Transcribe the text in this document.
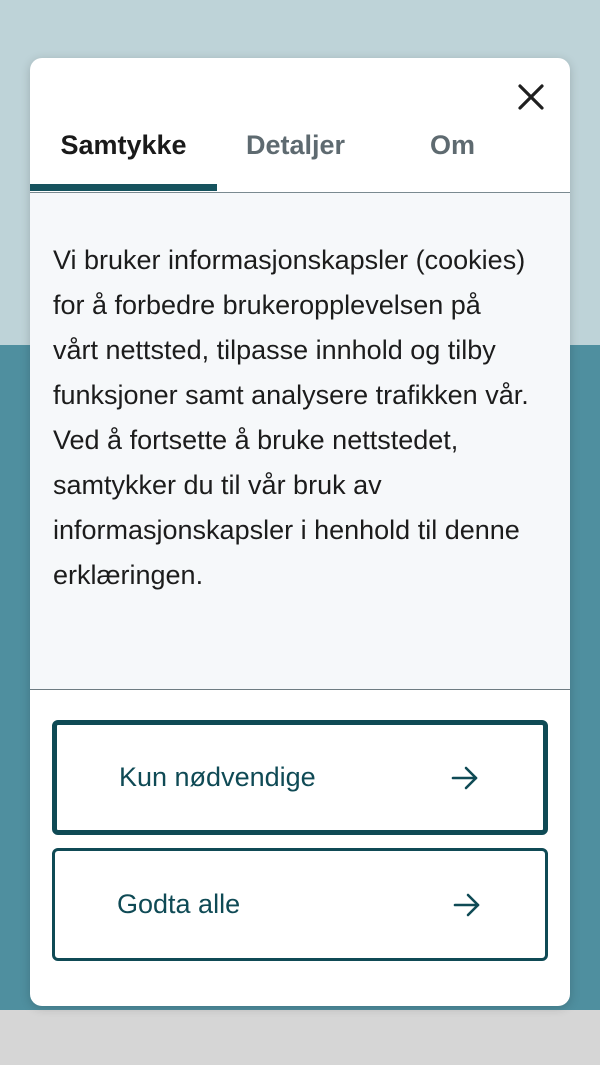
Samtykke	Detaljer	Om

Vi bruker informasjonskapsler (cookies) for å forbedre brukeropplevelsen på vårt nettsted, tilpasse innhold og tilby funksjoner samt analysere trafikken vår. Ved å fortsette å bruke nettstedet, samtykker du til vår bruk av informasjonskapsler i henhold til denne erklæringen.

Kun nødvendige
Godta alle
